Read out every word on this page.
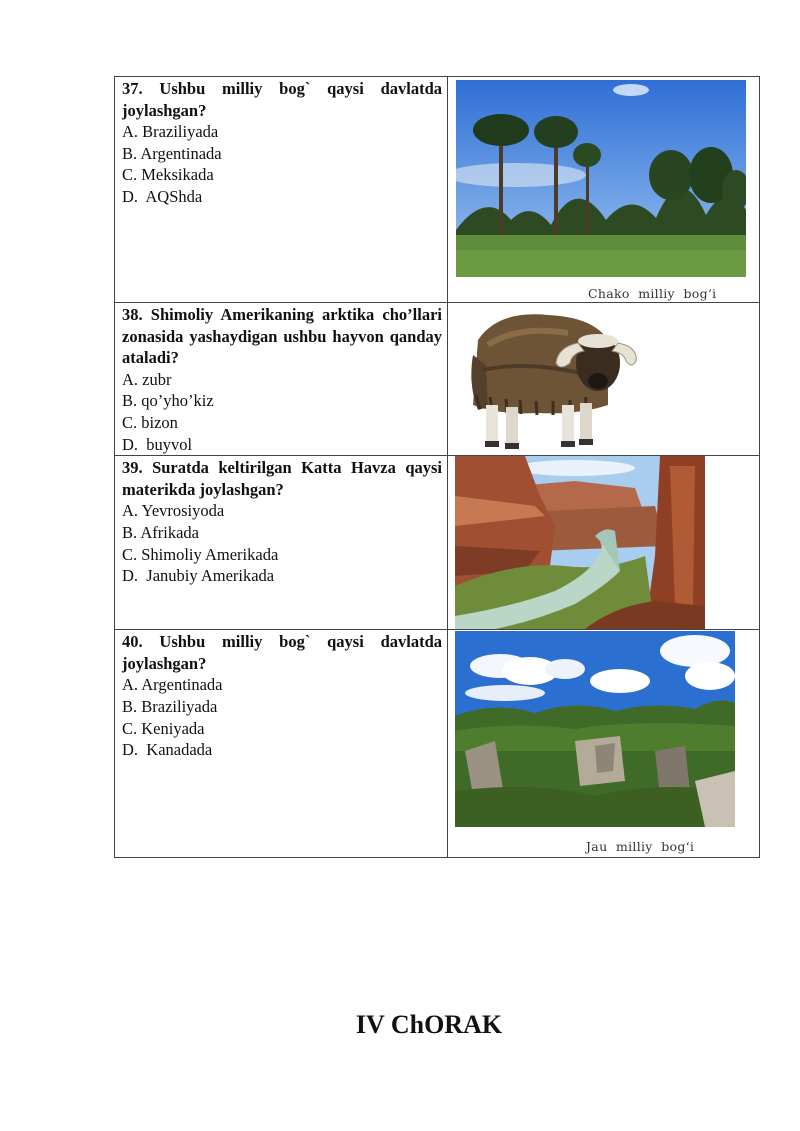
37. Ushbu milliy bog` qaysi davlatda joylashgan?

A. Braziliyada

B. Argentinada

C. Meksikada

D.  AQShda	Chako  milliy  bog‘i

38. Shimoliy Amerikaning arktika cho’llari zonasida yashaydigan ushbu hayvon qanday ataladi?

A. zubr

B. qo’yho’kiz

C. bizon

D.  buyvol

39. Suratda keltirilgan Katta Havza qaysi materikda joylashgan?

A. Yevrosiyoda

B. Afrikada

C. Shimoliy Amerikada

D.  Janubiy Amerikada

40. Ushbu milliy bog` qaysi davlatda joylashgan?

A. Argentinada

B. Braziliyada

C. Keniyada

D.  Kanadada	Jau  milliy  bog‘i
IV ChORAK
